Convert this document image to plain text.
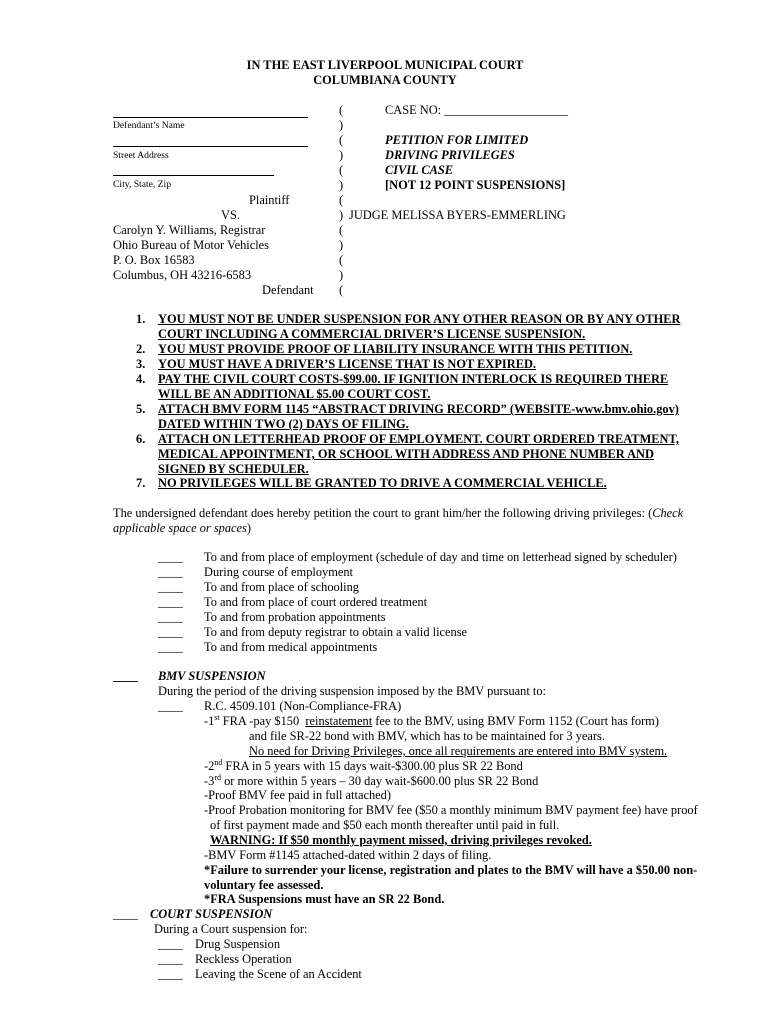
IN THE EAST LIVERPOOL MUNICIPAL COURT
COLUMBIANA COUNTY
Defendant’s Name
Street Address
City, State, Zip
Plaintiff
VS.
Carolyn Y. Williams, Registrar
Ohio Bureau of Motor Vehicles
P. O. Box 16583
Columbus, OH 43216-6583
Defendant
(
)
(
)
(
)
(
)
(
)
(
)
(
CASE NO: ____________________
PETITION FOR LIMITED
DRIVING PRIVILEGES
CIVIL CASE
[NOT 12 POINT SUSPENSIONS]
JUDGE MELISSA BYERS-EMMERLING
1. YOU MUST NOT BE UNDER SUSPENSION FOR ANY OTHER REASON OR BY ANY OTHER
COURT INCLUDING A COMMERCIAL DRIVER’S LICENSE SUSPENSION.
2. YOU MUST PROVIDE PROOF OF LIABILITY INSURANCE WITH THIS PETITION.
3. YOU MUST HAVE A DRIVER’S LICENSE THAT IS NOT EXPIRED.
4. PAY THE CIVIL COURT COSTS-$99.00. IF IGNITION INTERLOCK IS REQUIRED THERE
WILL BE AN ADDITIONAL $5.00 COURT COST.
5. ATTACH BMV FORM 1145 “ABSTRACT DRIVING RECORD” (WEBSITE-www.bmv.ohio.gov)
DATED WITHIN TWO (2) DAYS OF FILING.
6. ATTACH ON LETTERHEAD PROOF OF EMPLOYMENT. COURT ORDERED TREATMENT,
MEDICAL APPOINTMENT, OR SCHOOL WITH ADDRESS AND PHONE NUMBER AND
SIGNED BY SCHEDULER.
7. NO PRIVILEGES WILL BE GRANTED TO DRIVE A COMMERCIAL VEHICLE.
The undersigned defendant does hereby petition the court to grant him/her the following driving privileges: (Check
applicable space or spaces)
____ To and from place of employment (schedule of day and time on letterhead signed by scheduler)
____ During course of employment
____ To and from place of schooling
____ To and from place of court ordered treatment
____ To and from probation appointments
____ To and from deputy registrar to obtain a valid license
____ To and from medical appointments
____ BMV SUSPENSION
During the period of the driving suspension imposed by the BMV pursuant to:
____ R.C. 4509.101 (Non-Compliance-FRA)
-1st FRA -pay $150  reinstatement fee to the BMV, using BMV Form 1152 (Court has form)
and file SR-22 bond with BMV, which has to be maintained for 3 years.
No need for Driving Privileges, once all requirements are entered into BMV system.
-2nd FRA in 5 years with 15 days wait-$300.00 plus SR 22 Bond
-3rd or more within 5 years – 30 day wait-$600.00 plus SR 22 Bond
-Proof BMV fee paid in full attached)
-Proof Probation monitoring for BMV fee ($50 a monthly minimum BMV payment fee) have proof
of first payment made and $50 each month thereafter until paid in full.
WARNING: If $50 monthly payment missed, driving privileges revoked.
-BMV Form #1145 attached-dated within 2 days of filing.
*Failure to surrender your license, registration and plates to the BMV will have a $50.00 non-
voluntary fee assessed.
*FRA Suspensions must have an SR 22 Bond.
____ COURT SUSPENSION
During a Court suspension for:
____ Drug Suspension
____ Reckless Operation
____ Leaving the Scene of an Accident
